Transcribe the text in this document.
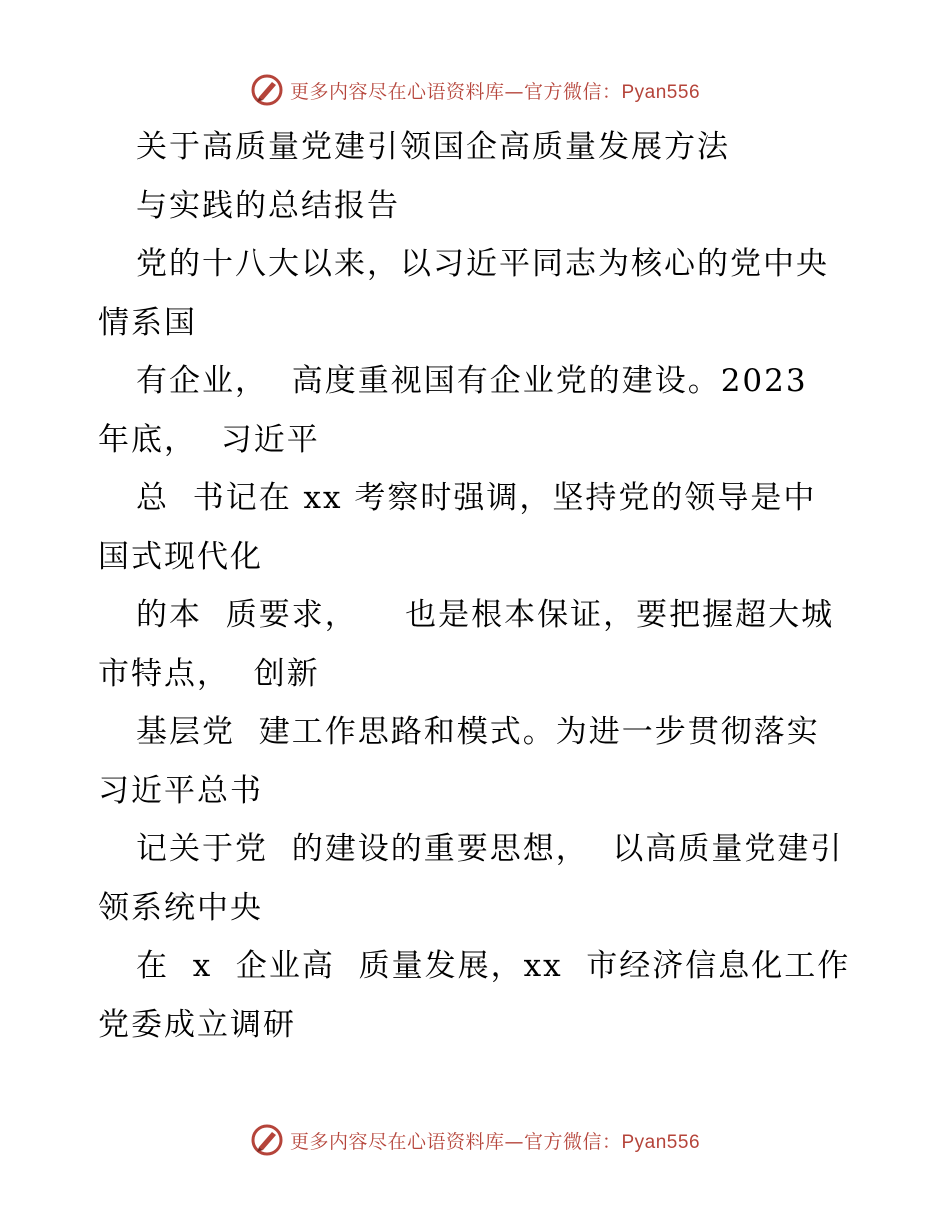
更多内容尽在心语资料库—官方微信：Pyan556
关于高质量党建引领国企高质量发展方法
与实践的总结报告
党的十八大以来，以习近平同志为核心的党中央
情系国
有企业，  高度重视国有企业党的建设。2023
年底，  习近平
总  书记在 xx 考察时强调，坚持党的领导是中
国式现代化
的本  质要求，    也是根本保证，要把握超大城
市特点，  创新
基层党  建工作思路和模式。为进一步贯彻落实
习近平总书
记关于党  的建设的重要思想，  以高质量党建引
领系统中央
在  x  企业高  质量发展，xx  市经济信息化工作
党委成立调研
更多内容尽在心语资料库—官方微信：Pyan556
